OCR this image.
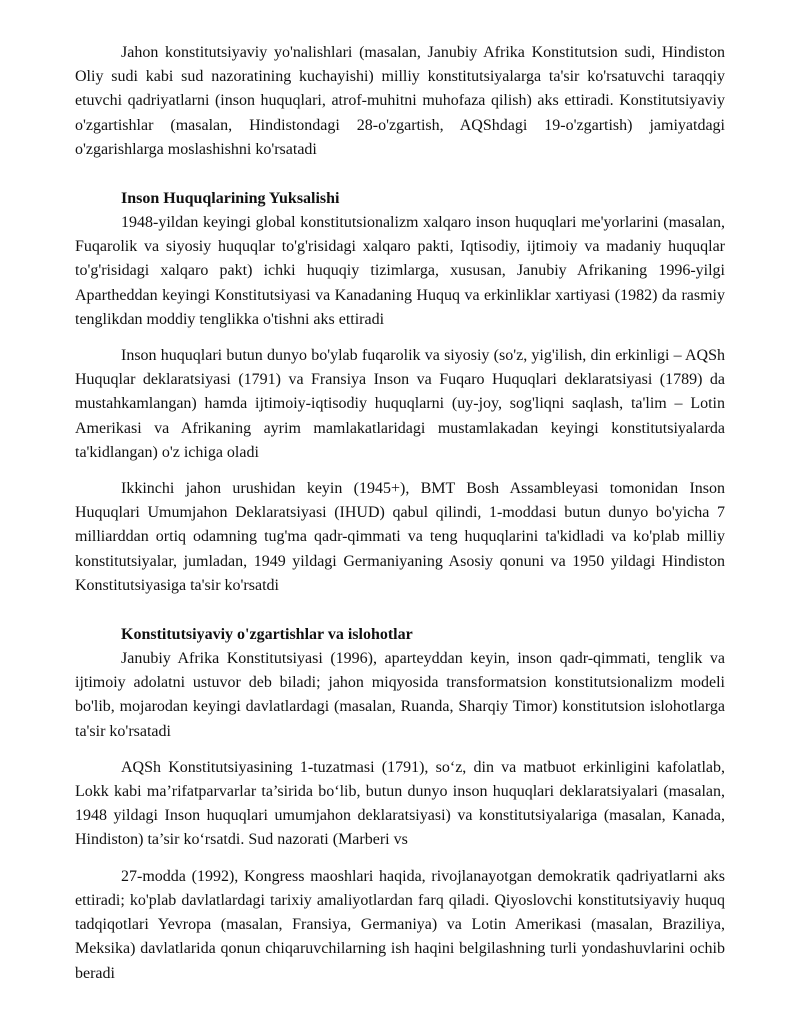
Jahon konstitutsiyaviy yo'nalishlari (masalan, Janubiy Afrika Konstitutsion sudi, Hindiston Oliy sudi kabi sud nazoratining kuchayishi) milliy konstitutsiyalarga ta'sir ko'rsatuvchi taraqqiy etuvchi qadriyatlarni (inson huquqlari, atrof-muhitni muhofaza qilish) aks ettiradi. Konstitutsiyaviy o'zgartishlar (masalan, Hindistondagi 28-o'zgartish, AQShdagi 19-o'zgartish) jamiyatdagi o'zgarishlarga moslashishni ko'rsatadi

Inson Huquqlarining Yuksalishi

1948-yildan keyingi global konstitutsionalizm xalqaro inson huquqlari me'yorlarini (masalan, Fuqarolik va siyosiy huquqlar to'g'risidagi xalqaro pakti, Iqtisodiy, ijtimoiy va madaniy huquqlar to'g'risidagi xalqaro pakt) ichki huquqiy tizimlarga, xususan, Janubiy Afrikaning 1996-yilgi Apartheddan keyingi Konstitutsiyasi va Kanadaning Huquq va erkinliklar xartiyasi (1982) da rasmiy tenglikdan moddiy tenglikka o'tishni aks ettiradi

Inson huquqlari butun dunyo bo'ylab fuqarolik va siyosiy (so'z, yig'ilish, din erkinligi – AQSh Huquqlar deklaratsiyasi (1791) va Fransiya Inson va Fuqaro Huquqlari deklaratsiyasi (1789) da mustahkamlangan) hamda ijtimoiy-iqtisodiy huquqlarni (uy-joy, sog'liqni saqlash, ta'lim – Lotin Amerikasi va Afrikaning ayrim mamlakatlaridagi mustamlakadan keyingi konstitutsiyalarda ta'kidlangan) o'z ichiga oladi

Ikkinchi jahon urushidan keyin (1945+), BMT Bosh Assambleyasi tomonidan Inson Huquqlari Umumjahon Deklaratsiyasi (IHUD) qabul qilindi, 1-moddasi butun dunyo bo'yicha 7 milliarddan ortiq odamning tug'ma qadr-qimmati va teng huquqlarini ta'kidladi va ko'plab milliy konstitutsiyalar, jumladan, 1949 yildagi Germaniyaning Asosiy qonuni va 1950 yildagi Hindiston Konstitutsiyasiga ta'sir ko'rsatdi

Konstitutsiyaviy o'zgartishlar va islohotlar

Janubiy Afrika Konstitutsiyasi (1996), aparteyddan keyin, inson qadr-qimmati, tenglik va ijtimoiy adolatni ustuvor deb biladi; jahon miqyosida transformatsion konstitutsionalizm modeli bo'lib, mojarodan keyingi davlatlardagi (masalan, Ruanda, Sharqiy Timor) konstitutsion islohotlarga ta'sir ko'rsatadi

AQSh Konstitutsiyasining 1-tuzatmasi (1791), so‘z, din va matbuot erkinligini kafolatlab, Lokk kabi ma’rifatparvarlar ta’sirida bo‘lib, butun dunyo inson huquqlari deklaratsiyalari (masalan, 1948 yildagi Inson huquqlari umumjahon deklaratsiyasi) va konstitutsiyalariga (masalan, Kanada, Hindiston) ta’sir ko‘rsatdi. Sud nazorati (Marberi vs

27-modda (1992), Kongress maoshlari haqida, rivojlanayotgan demokratik qadriyatlarni aks ettiradi; ko'plab davlatlardagi tarixiy amaliyotlardan farq qiladi. Qiyoslovchi konstitutsiyaviy huquq tadqiqotlari Yevropa (masalan, Fransiya, Germaniya) va Lotin Amerikasi (masalan, Braziliya, Meksika) davlatlarida qonun chiqaruvchilarning ish haqini belgilashning turli yondashuvlarini ochib beradi
